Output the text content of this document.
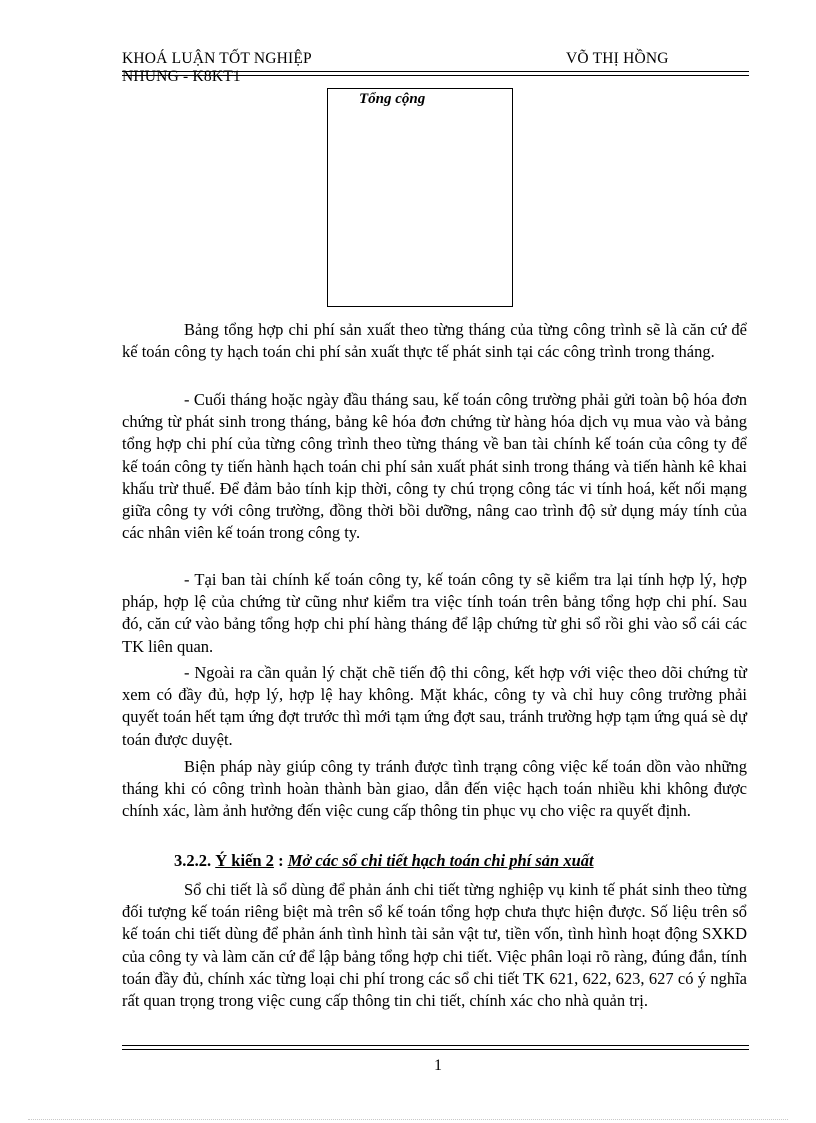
KHOÁ LUẬN TỐT NGHIỆP	VÕ THỊ HỒNG
NHUNG - K8KT1
Tổng cộng

Bảng tổng hợp chi phí sản xuất theo từng tháng của từng công trình sẽ là căn cứ để kế toán công ty hạch toán chi phí sản xuất thực tế phát sinh tại các công trình trong tháng.

- Cuối tháng hoặc ngày đầu tháng sau, kế toán công trường phải gửi toàn bộ hóa đơn chứng từ phát sinh trong tháng, bảng kê hóa đơn chứng từ hàng hóa dịch vụ mua vào và bảng tổng hợp chi phí của từng công trình theo từng tháng về ban tài chính kế toán của công ty để kế toán công ty tiến hành hạch toán chi phí sản xuất phát sinh trong tháng và tiến hành kê khai khấu trừ thuế. Để đảm bảo tính kịp thời, công ty chú trọng công tác vi tính hoá, kết nối mạng giữa công ty với công trường, đồng thời bồi dưỡng, nâng cao trình độ sử dụng máy tính của các nhân viên kế toán trong công ty.

- Tại ban tài chính kế toán công ty, kế toán công ty sẽ kiểm tra lại tính hợp lý, hợp pháp, hợp lệ của chứng từ cũng như kiểm tra việc tính toán trên bảng tổng hợp chi phí. Sau đó, căn cứ vào bảng tổng hợp chi phí hàng tháng để lập chứng từ ghi sổ rồi ghi vào sổ cái các TK liên quan.

- Ngoài ra cần quản lý chặt chẽ tiến độ thi công, kết hợp với việc theo dõi chứng từ xem có đầy đủ, hợp lý, hợp lệ hay không. Mặt khác, công ty và chỉ huy công trường phải quyết toán hết tạm ứng đợt trước thì mới tạm ứng đợt sau, tránh trường hợp tạm ứng quá sè dự toán được duyệt.

Biện pháp này giúp công ty tránh được tình trạng công việc kế toán dồn vào những tháng khi có công trình hoàn thành bàn giao, dẫn đến việc hạch toán nhiều khi không được chính xác, làm ảnh hưởng đến việc cung cấp thông tin phục vụ cho việc ra quyết định.

3.2.2. Ý kiến 2 : Mở các sổ chi tiết hạch toán chi phí sản xuất

Sổ chi tiết là sổ dùng để phản ánh chi tiết từng nghiệp vụ kinh tế phát sinh theo từng đối tượng kế toán riêng biệt mà trên sổ kế toán tổng hợp chưa thực hiện được. Số liệu trên sổ kế toán chi tiết dùng để phản ánh tình hình tài sản vật tư, tiền vốn, tình hình hoạt động SXKD của công ty và làm căn cứ để lập bảng tổng hợp chi tiết. Việc phân loại rõ ràng, đúng đắn, tính toán đầy đủ, chính xác từng loại chi phí trong các sổ chi tiết TK 621, 622, 623, 627 có ý nghĩa rất quan trọng trong việc cung cấp thông tin chi tiết, chính xác cho nhà quản trị.

1
